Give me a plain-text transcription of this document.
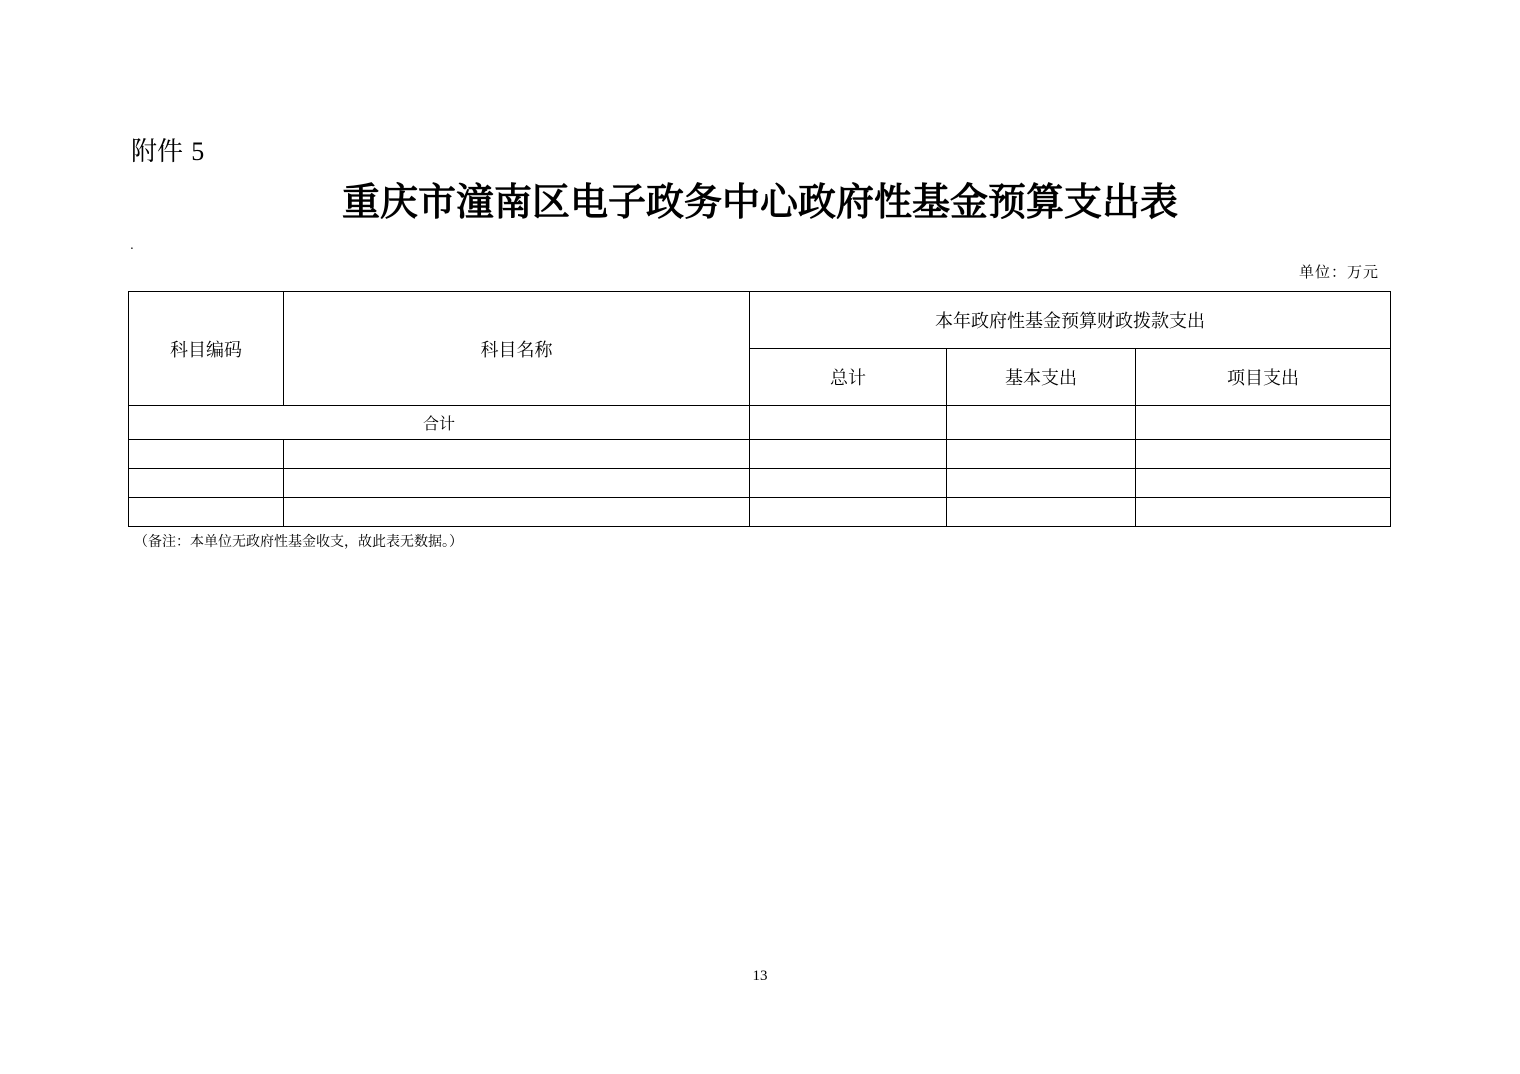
附件 5
重庆市潼南区电子政务中心政府性基金预算支出表
.
单位：万元
科目编码	科目名称	本年政府性基金预算财政拨款支出		
		总计	基本支出	项目支出
合计				

（备注：本单位无政府性基金收支，故此表无数据。）
13
